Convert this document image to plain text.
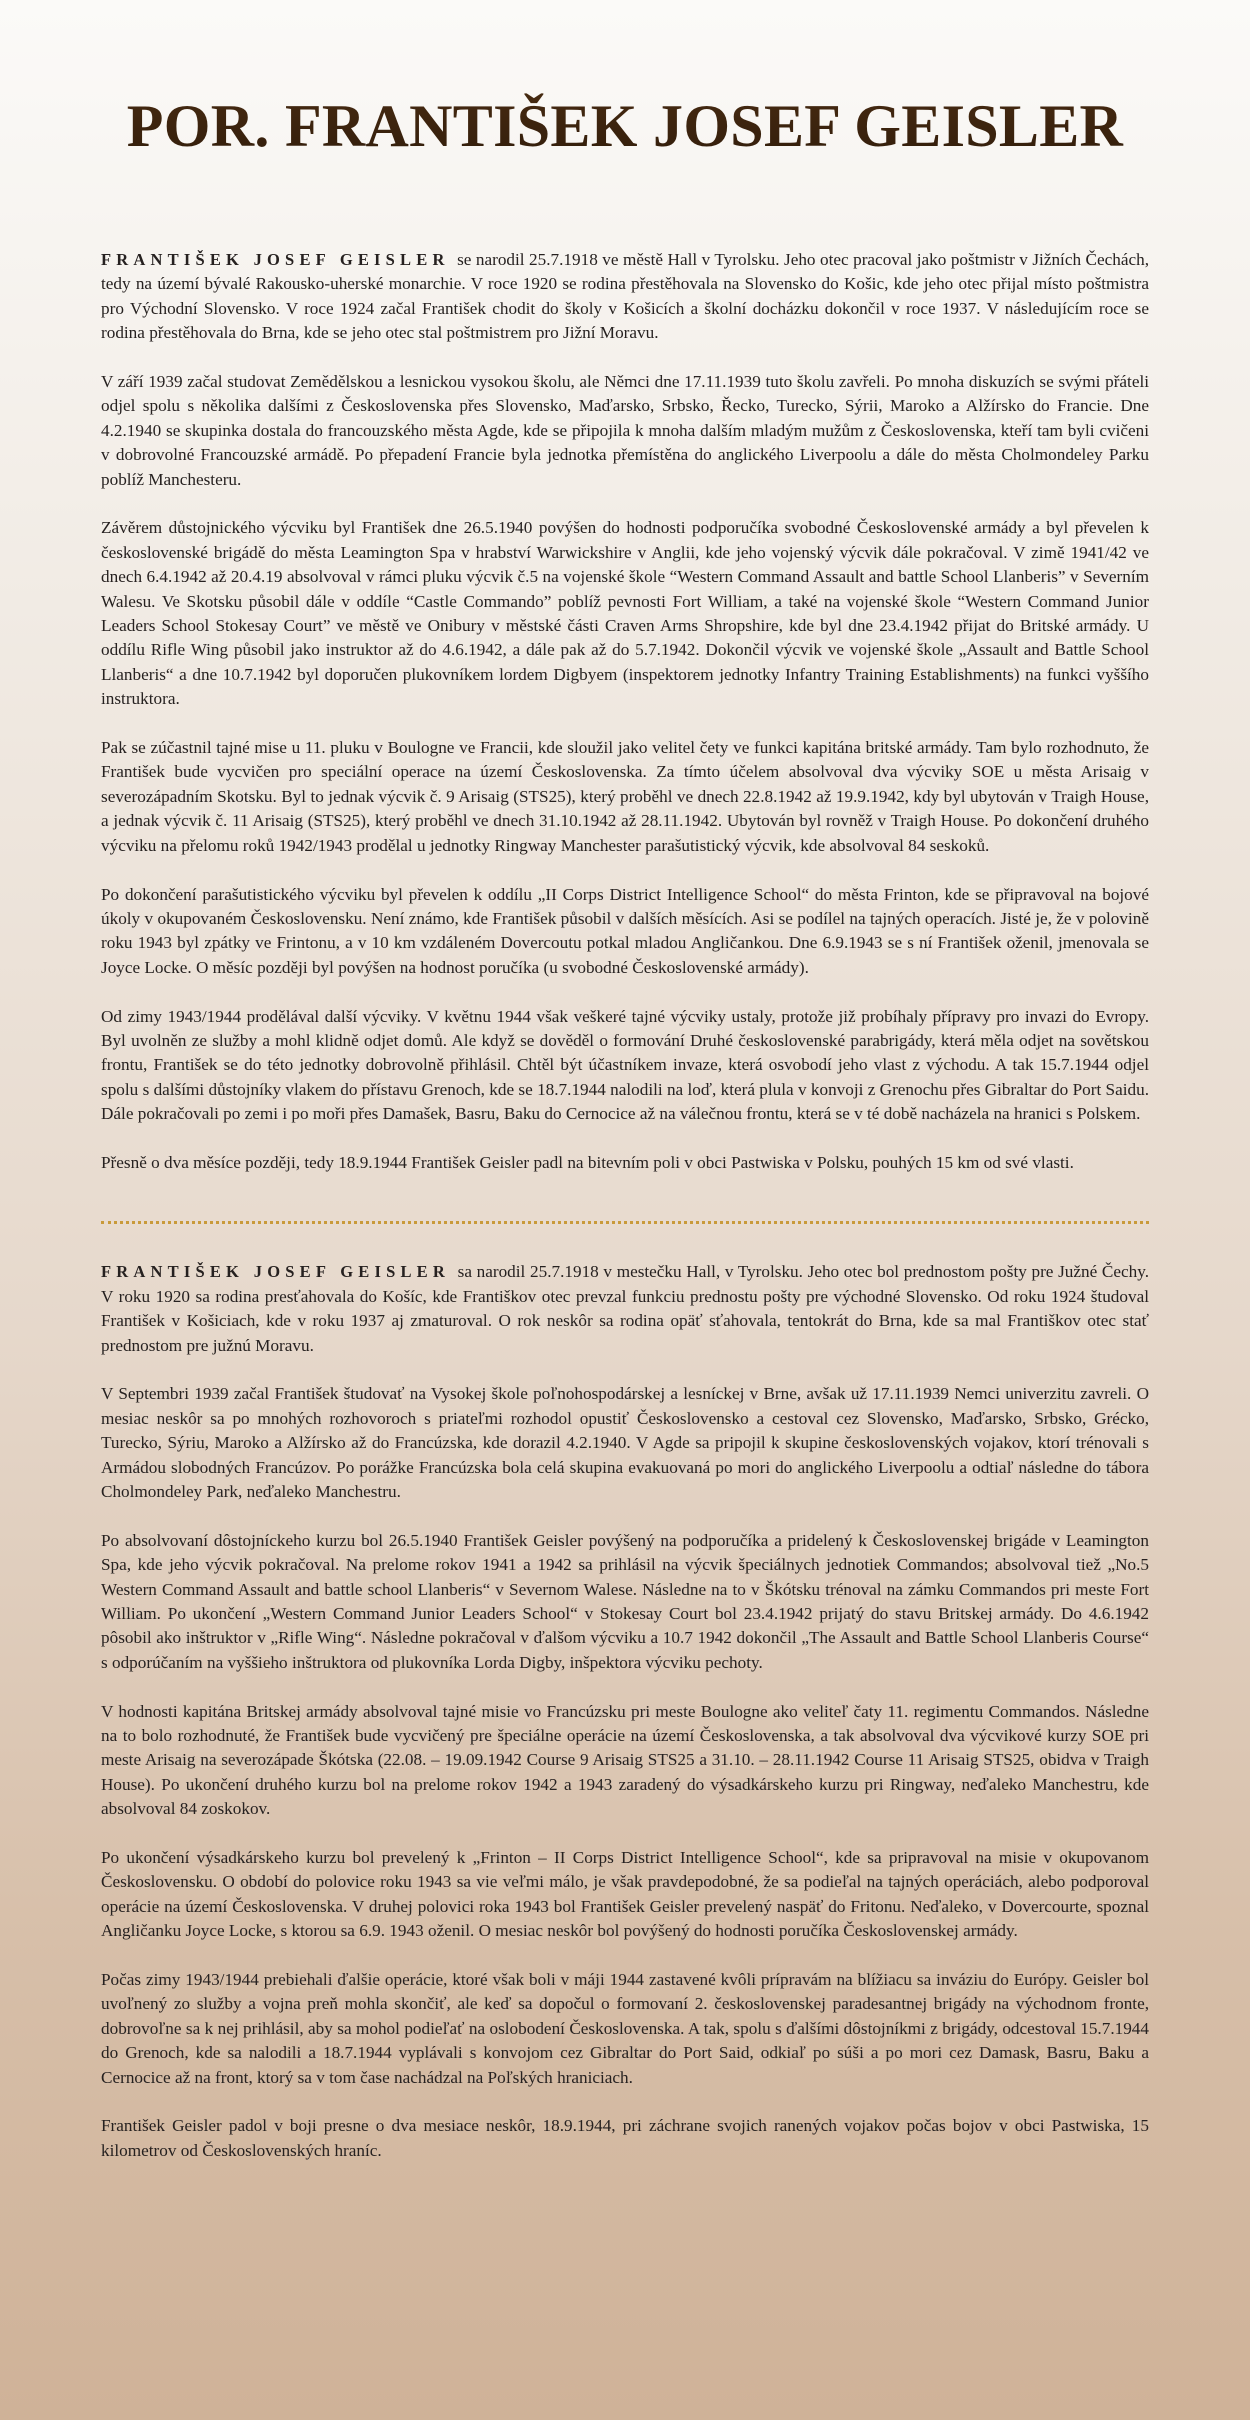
POR. FRANTIŠEK JOSEF GEISLER

FRANTIŠEK JOSEF GEISLER se narodil 25.7.1918 ve městě Hall v Tyrolsku. Jeho otec pracoval jako poštmistr v Jižních Čechách, tedy na území bývalé Rakousko-uherské monarchie. V roce 1920 se rodina přestěhovala na Slovensko do Košic, kde jeho otec přijal místo poštmistra pro Východní Slovensko. V roce 1924 začal František chodit do školy v Košicích a školní docházku dokončil v roce 1937. V následujícím roce se rodina přestěhovala do Brna, kde se jeho otec stal poštmistrem pro Jižní Moravu.

V září 1939 začal studovat Zemědělskou a lesnickou vysokou školu, ale Němci dne 17.11.1939 tuto školu zavřeli. Po mnoha diskuzích se svými přáteli odjel spolu s několika dalšími z Československa přes Slovensko, Maďarsko, Srbsko, Řecko, Turecko, Sýrii, Maroko a Alžírsko do Francie. Dne 4.2.1940 se skupinka dostala do francouzského města Agde, kde se připojila k mnoha dalším mladým mužům z Československa, kteří tam byli cvičeni v dobrovolné Francouzské armádě. Po přepadení Francie byla jednotka přemístěna do anglického Liverpoolu a dále do města Cholmondeley Parku poblíž Manchesteru.

Závěrem důstojnického výcviku byl František dne 26.5.1940 povýšen do hodnosti podporučíka svobodné Československé armády a byl převelen k československé brigádě do města Leamington Spa v hrabství Warwickshire v Anglii, kde jeho vojenský výcvik dále pokračoval. V zimě 1941/42 ve dnech 6.4.1942 až 20.4.19 absolvoval v rámci pluku výcvik č.5 na vojenské škole “Western Command Assault and battle School Llanberis” v Severním Walesu. Ve Skotsku působil dále v oddíle “Castle Commando” poblíž pevnosti Fort William, a také na vojenské škole “Western Command Junior Leaders School Stokesay Court” ve městě ve Onibury v městské části Craven Arms Shropshire, kde byl dne 23.4.1942 přijat do Britské armády. U oddílu Rifle Wing působil jako instruktor až do 4.6.1942, a dále pak až do 5.7.1942. Dokončil výcvik ve vojenské škole „Assault and Battle School Llanberis“ a dne 10.7.1942 byl doporučen plukovníkem lordem Digbyem (inspektorem jednotky Infantry Training Establishments) na funkci vyššího instruktora.

Pak se zúčastnil tajné mise u 11. pluku v Boulogne ve Francii, kde sloužil jako velitel čety ve funkci kapitána britské armády. Tam bylo rozhodnuto, že František bude vycvičen pro speciální operace na území Československa. Za tímto účelem absolvoval dva výcviky SOE u města Arisaig v severozápadním Skotsku. Byl to jednak výcvik č. 9 Arisaig (STS25), který proběhl ve dnech 22.8.1942 až 19.9.1942, kdy byl ubytován v Traigh House, a jednak výcvik č. 11 Arisaig (STS25), který proběhl ve dnech 31.10.1942 až 28.11.1942. Ubytován byl rovněž v Traigh House. Po dokončení druhého výcviku na přelomu roků 1942/1943 prodělal u jednotky Ringway Manchester parašutistický výcvik, kde absolvoval 84 seskoků.

Po dokončení parašutistického výcviku byl převelen k oddílu „II Corps District Intelligence School“ do města Frinton, kde se připravoval na bojové úkoly v okupovaném Československu. Není známo, kde František působil v dalších měsících. Asi se podílel na tajných operacích. Jisté je, že v polovině roku 1943 byl zpátky ve Frintonu, a v 10 km vzdáleném Dovercoutu potkal mladou Angličankou. Dne 6.9.1943 se s ní František oženil, jmenovala se Joyce Locke. O měsíc později byl povýšen na hodnost poručíka (u svobodné Československé armády).

Od zimy 1943/1944 prodělával další výcviky. V květnu 1944 však veškeré tajné výcviky ustaly, protože již probíhaly přípravy pro invazi do Evropy. Byl uvolněn ze služby a mohl klidně odjet domů. Ale když se dověděl o formování Druhé československé parabrigády, která měla odjet na sovětskou frontu, František se do této jednotky dobrovolně přihlásil. Chtěl být účastníkem invaze, která osvobodí jeho vlast z východu. A tak 15.7.1944 odjel spolu s dalšími důstojníky vlakem do přístavu Grenoch, kde se 18.7.1944 nalodili na loď, která plula v konvoji z Grenochu přes Gibraltar do Port Saidu. Dále pokračovali po zemi i po moři přes Damašek, Basru, Baku do Cernocice až na válečnou frontu, která se v té době nacházela na hranici s Polskem.

Přesně o dva měsíce později, tedy 18.9.1944 František Geisler padl na bitevním poli v obci Pastwiska v Polsku, pouhých 15 km od své vlasti.

FRANTIŠEK JOSEF GEISLER sa narodil 25.7.1918 v mestečku Hall, v Tyrolsku. Jeho otec bol prednostom pošty pre Južné Čechy. V roku 1920 sa rodina presťahovala do Košíc, kde Františkov otec prevzal funkciu prednostu pošty pre východné Slovensko. Od roku 1924 študoval František v Košiciach, kde v roku 1937 aj zmaturoval. O rok neskôr sa rodina opäť sťahovala, tentokrát do Brna, kde sa mal Františkov otec stať prednostom pre južnú Moravu.

V Septembri 1939 začal František študovať na Vysokej škole poľnohospodárskej a lesníckej v Brne, avšak už 17.11.1939 Nemci univerzitu zavreli. O mesiac neskôr sa po mnohých rozhovoroch s priateľmi rozhodol opustiť Československo a cestoval cez Slovensko, Maďarsko, Srbsko, Grécko, Turecko, Sýriu, Maroko a Alžírsko až do Francúzska, kde dorazil 4.2.1940. V Agde sa pripojil k skupine československých vojakov, ktorí trénovali s Armádou slobodných Francúzov. Po porážke Francúzska bola celá skupina evakuovaná po mori do anglického Liverpoolu a odtiaľ následne do tábora Cholmondeley Park, neďaleko Manchestru.

Po absolvovaní dôstojníckeho kurzu bol 26.5.1940 František Geisler povýšený na podporučíka a pridelený k Československej brigáde v Leamington Spa, kde jeho výcvik pokračoval. Na prelome rokov 1941 a 1942 sa prihlásil na výcvik špeciálnych jednotiek Commandos; absolvoval tiež „No.5 Western Command Assault and battle school Llanberis“ v Severnom Walese. Následne na to v Škótsku trénoval na zámku Commandos pri meste Fort William. Po ukončení „Western Command Junior Leaders School“ v Stokesay Court bol 23.4.1942 prijatý do stavu Britskej armády. Do 4.6.1942 pôsobil ako inštruktor v „Rifle Wing“. Následne pokračoval v ďalšom výcviku a 10.7 1942 dokončil „The Assault and Battle School Llanberis Course“ s odporúčaním na vyššieho inštruktora od plukovníka Lorda Digby, inšpektora výcviku pechoty.

V hodnosti kapitána Britskej armády absolvoval tajné misie vo Francúzsku pri meste Boulogne ako veliteľ čaty 11. regimentu Commandos. Následne na to bolo rozhodnuté, že František bude vycvičený pre špeciálne operácie na území Československa, a tak absolvoval dva výcvikové kurzy SOE pri meste Arisaig na severozápade Škótska (22.08. – 19.09.1942 Course 9 Arisaig STS25 a 31.10. – 28.11.1942 Course 11 Arisaig STS25, obidva v Traigh House). Po ukončení druhého kurzu bol na prelome rokov 1942 a 1943 zaradený do výsadkárskeho kurzu pri Ringway, neďaleko Manchestru, kde absolvoval 84 zoskokov.

Po ukončení výsadkárskeho kurzu bol prevelený k „Frinton – II Corps District Intelligence School“, kde sa pripravoval na misie v okupovanom Československu. O období do polovice roku 1943 sa vie veľmi málo, je však pravdepodobné, že sa podieľal na tajných operáciách, alebo podporoval operácie na území Československa. V druhej polovici roka 1943 bol František Geisler prevelený naspäť do Fritonu. Neďaleko, v Dovercourte, spoznal Angličanku Joyce Locke, s ktorou sa 6.9. 1943 oženil. O mesiac neskôr bol povýšený do hodnosti poručíka Československej armády.

Počas zimy 1943/1944 prebiehali ďalšie operácie, ktoré však boli v máji 1944 zastavené kvôli prípravám na blížiacu sa inváziu do Európy. Geisler bol uvoľnený zo služby a vojna preň mohla skončiť, ale keď sa dopočul o formovaní 2. československej paradesantnej brigády na východnom fronte, dobrovoľne sa k nej prihlásil, aby sa mohol podieľať na oslobodení Československa. A tak, spolu s ďalšími dôstojníkmi z brigády, odcestoval 15.7.1944 do Grenoch, kde sa nalodili a 18.7.1944 vyplávali s konvojom cez Gibraltar do Port Said, odkiaľ po súši a po mori cez Damask, Basru, Baku a Cernocice až na front, ktorý sa v tom čase nachádzal na Poľských hraniciach.

František Geisler padol v boji presne o dva mesiace neskôr, 18.9.1944, pri záchrane svojich ranených vojakov počas bojov v obci Pastwiska, 15 kilometrov od Československých hraníc.
